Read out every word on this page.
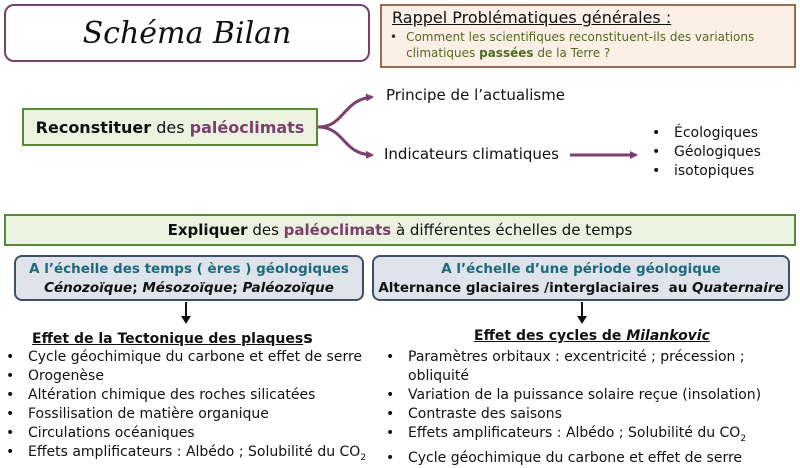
Schéma Bilan	Rappel Problématiques générales :
• Comment les scientifiques reconstituent-ils des variations climatiques passées de la Terre ?
Reconstituer des paléoclimats
Principe de l’actualisme
Indicateurs climatiques
• Écologiques
• Géologiques
• isotopiques
Expliquer des paléoclimats à différentes échelles de temps
A l’échelle des temps ( ères ) géologiques
Cénozoïque; Mésozoïque; Paléozoïque
A l’échelle d’une période géologique
Alternance glaciaires /interglaciaires  au Quaternaire
Effet de la Tectonique des plaquess	Effet des cycles de Milankovic
• Cycle géochimique du carbone et effet de serre
• Orogenèse
• Altération chimique des roches silicatées
• Fossilisation de matière organique
• Circulations océaniques
• Effets amplificateurs : Albédo ; Solubilité du $CO_2$
• Paramètres orbitaux : excentricité ; précession ; obliquité
• Variation de la puissance solaire reçue (insolation)
• Contraste des saisons
• Effets amplificateurs : Albédo ; Solubilité du $CO_2$
• Cycle géochimique du carbone et effet de serre
